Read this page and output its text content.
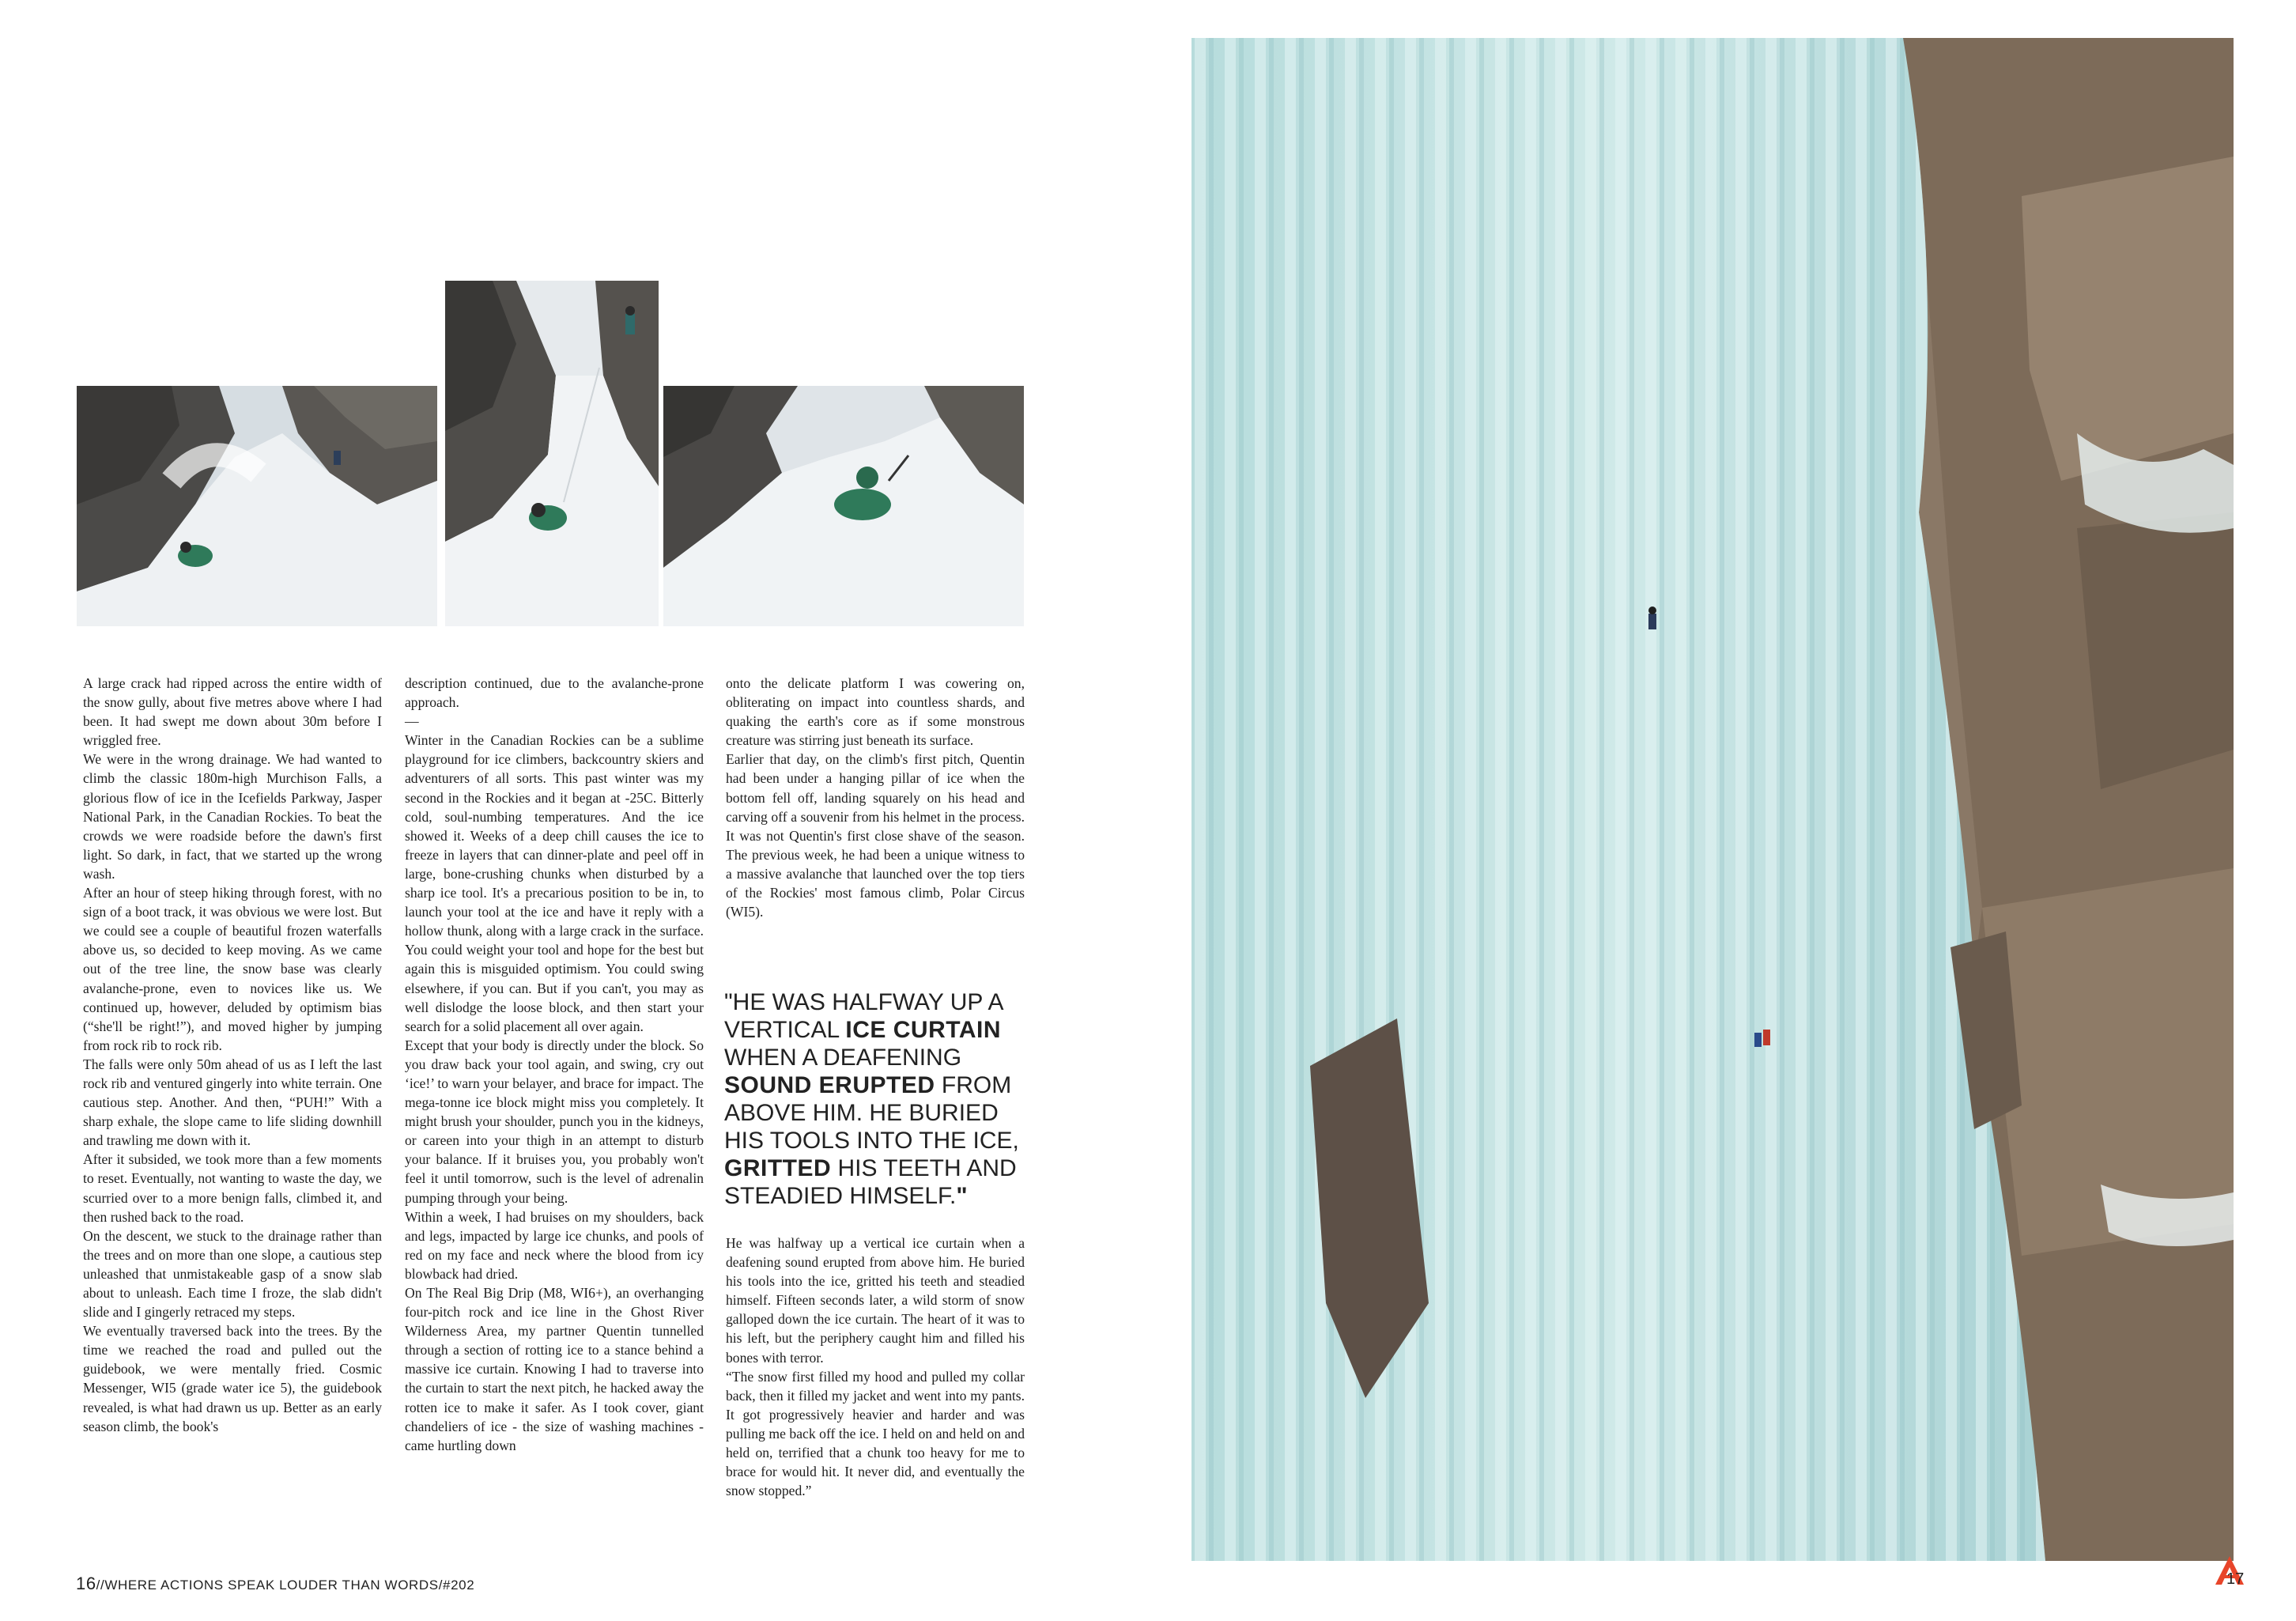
A large crack had ripped across the entire width of the snow gully, about five metres above where I had been. It had swept me down about 30m before I wriggled free.

We were in the wrong drainage. We had wanted to climb the classic 180m-high Murchison Falls, a glorious flow of ice in the Icefields Parkway, Jasper National Park, in the Canadian Rockies. To beat the crowds we were roadside before the dawn's first light. So dark, in fact, that we started up the wrong wash.

After an hour of steep hiking through forest, with no sign of a boot track, it was obvious we were lost. But we could see a couple of beautiful frozen waterfalls above us, so decided to keep moving. As we came out of the tree line, the snow base was clearly avalanche-prone, even to novices like us. We continued up, however, deluded by optimism bias (“she'll be right!”), and moved higher by jumping from rock rib to rock rib.

The falls were only 50m ahead of us as I left the last rock rib and ventured gingerly into white terrain. One cautious step. Another. And then, “PUH!” With a sharp exhale, the slope came to life sliding downhill and trawling me down with it.

After it subsided, we took more than a few moments to reset. Eventually, not wanting to waste the day, we scurried over to a more benign falls, climbed it, and then rushed back to the road.

On the descent, we stuck to the drainage rather than the trees and on more than one slope, a cautious step unleashed that unmistakeable gasp of a snow slab about to unleash. Each time I froze, the slab didn't slide and I gingerly retraced my steps.

We eventually traversed back into the trees. By the time we reached the road and pulled out the guidebook, we were mentally fried. Cosmic Messenger, WI5 (grade water ice 5), the guidebook revealed, is what had drawn us up. Better as an early season climb, the book's

description continued, due to the avalanche-prone approach.

—

Winter in the Canadian Rockies can be a sublime playground for ice climbers, backcountry skiers and adventurers of all sorts. This past winter was my second in the Rockies and it began at -25C. Bitterly cold, soul-numbing temperatures. And the ice showed it. Weeks of a deep chill causes the ice to freeze in layers that can dinner-plate and peel off in large, bone-crushing chunks when disturbed by a sharp ice tool. It's a precarious position to be in, to launch your tool at the ice and have it reply with a hollow thunk, along with a large crack in the surface. You could weight your tool and hope for the best but again this is misguided optimism. You could swing elsewhere, if you can. But if you can't, you may as well dislodge the loose block, and then start your search for a solid placement all over again.

Except that your body is directly under the block. So you draw back your tool again, and swing, cry out ‘ice!’ to warn your belayer, and brace for impact. The mega-tonne ice block might miss you completely. It might brush your shoulder, punch you in the kidneys, or careen into your thigh in an attempt to disturb your balance. If it bruises you, you probably won't feel it until tomorrow, such is the level of adrenalin pumping through your being.

Within a week, I had bruises on my shoulders, back and legs, impacted by large ice chunks, and pools of red on my face and neck where the blood from icy blowback had dried.

On The Real Big Drip (M8, WI6+), an overhanging four-pitch rock and ice line in the Ghost River Wilderness Area, my partner Quentin tunnelled through a section of rotting ice to a stance behind a massive ice curtain. Knowing I had to traverse into the curtain to start the next pitch, he hacked away the rotten ice to make it safer. As I took cover, giant chandeliers of ice - the size of washing machines - came hurtling down

onto the delicate platform I was cowering on, obliterating on impact into countless shards, and quaking the earth's core as if some monstrous creature was stirring just beneath its surface.

Earlier that day, on the climb's first pitch, Quentin had been under a hanging pillar of ice when the bottom fell off, landing squarely on his head and carving off a souvenir from his helmet in the process. It was not Quentin's first close shave of the season. The previous week, he had been a unique witness to a massive avalanche that launched over the top tiers of the Rockies' most famous climb, Polar Circus (WI5).

"HE WAS HALFWAY UP A VERTICAL ICE CURTAIN WHEN A DEAFENING SOUND ERUPTED FROM ABOVE HIM. HE BURIED HIS TOOLS INTO THE ICE, GRITTED HIS TEETH AND STEADIED HIMSELF."

He was halfway up a vertical ice curtain when a deafening sound erupted from above him. He buried his tools into the ice, gritted his teeth and steadied himself. Fifteen seconds later, a wild storm of snow galloped down the ice curtain. The heart of it was to his left, but the periphery caught him and filled his bones with terror.

“The snow first filled my hood and pulled my collar back, then it filled my jacket and went into my pants. It got progressively heavier and harder and was pulling me back off the ice. I held on and held on and held on, terrified that a chunk too heavy for me to brace for would hit. It never did, and eventually the snow stopped.”

16//WHERE ACTIONS SPEAK LOUDER THAN WORDS/#202	17
